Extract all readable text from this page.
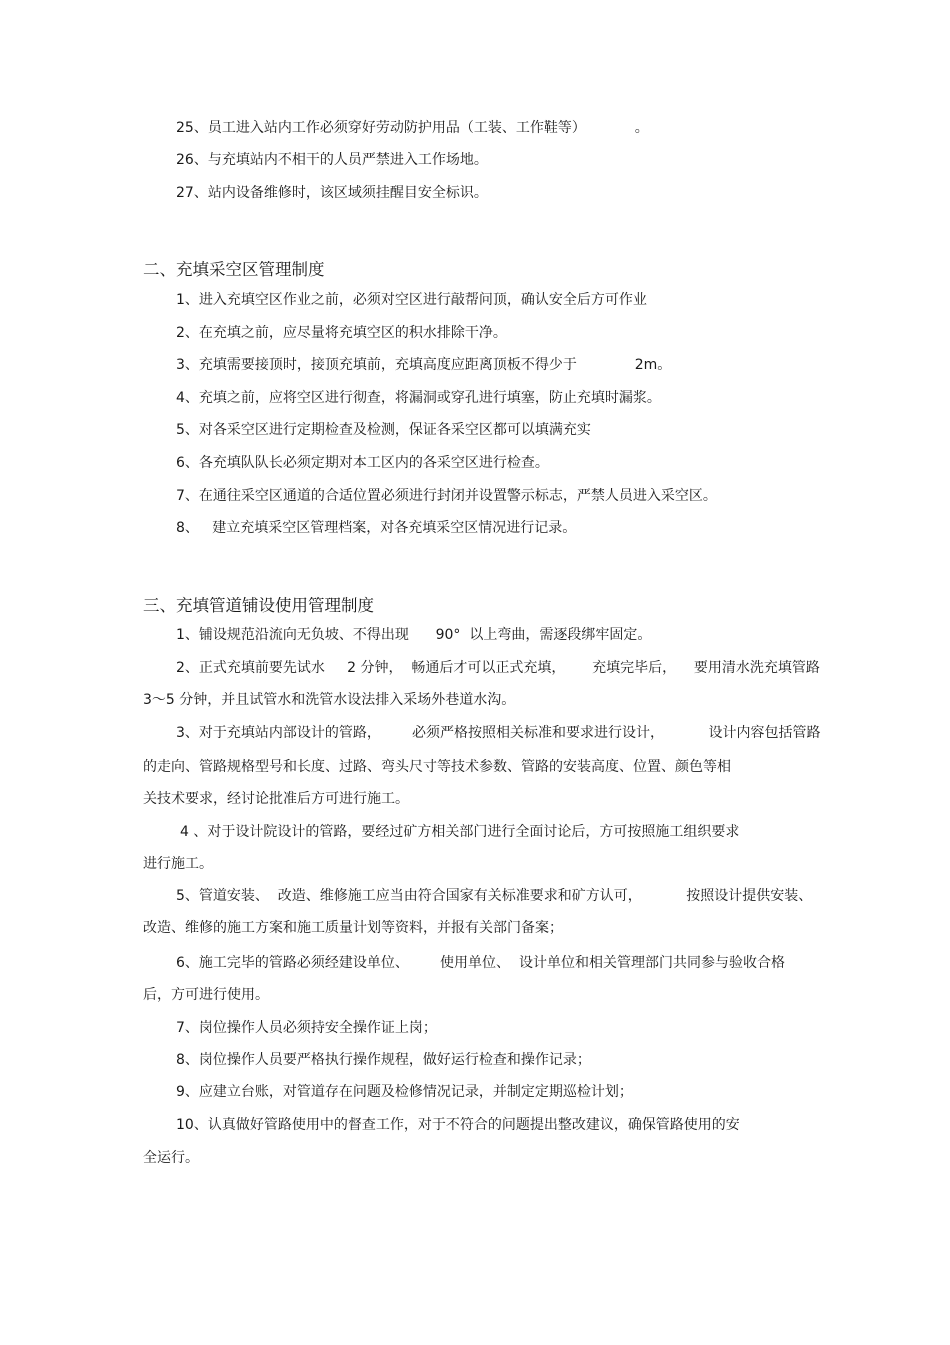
25、员工进入站内工作必须穿好劳动防护用品（工装、工作鞋等）           。
26、与充填站内不相干的人员严禁进入工作场地。
27、站内设备维修时，该区域须挂醒目安全标识。
二、充填采空区管理制度
1、进入充填空区作业之前，必须对空区进行敲帮问顶，确认安全后方可作业
2、在充填之前，应尽量将充填空区的积水排除干净。
3、充填需要接顶时，接顶充填前，充填高度应距离顶板不得少于             2m。
4、充填之前，应将空区进行彻查，将漏洞或穿孔进行填塞，防止充填时漏浆。
5、对各采空区进行定期检查及检测，保证各采空区都可以填满充实
6、各充填队队长必须定期对本工区内的各采空区进行检查。
7、在通往采空区通道的合适位置必须进行封闭并设置警示标志，严禁人员进入采空区。
8、   建立充填采空区管理档案，对各充填采空区情况进行记录。
三、充填管道铺设使用管理制度
1、铺设规范沿流向无负坡、不得出现      90°  以上弯曲，需逐段绑牢固定。
2、正式充填前要先试水     2 分钟，  畅通后才可以正式充填，      充填完毕后，    要用清水洗充填管路
3～5 分钟，并且试管水和洗管水设法排入采场外巷道水沟。
3、对于充填站内部设计的管路，       必须严格按照相关标准和要求进行设计，          设计内容包括管路
的走向、管路规格型号和长度、过路、弯头尺寸等技术参数、管路的安装高度、位置、颜色等相
关技术要求，经讨论批准后方可进行施工。
4 、对于设计院设计的管路，要经过矿方相关部门进行全面讨论后，方可按照施工组织要求
进行施工。
5、管道安装、  改造、维修施工应当由符合国家有关标准要求和矿方认可，          按照设计提供安装、
改造、维修的施工方案和施工质量计划等资料，并报有关部门备案；
6、施工完毕的管路必须经建设单位、       使用单位、  设计单位和相关管理部门共同参与验收合格
后，方可进行使用。
7、岗位操作人员必须持安全操作证上岗；
8、岗位操作人员要严格执行操作规程，做好运行检查和操作记录；
9、应建立台账，对管道存在问题及检修情况记录，并制定定期巡检计划；
10、认真做好管路使用中的督查工作，对于不符合的问题提出整改建议，确保管路使用的安
全运行。
